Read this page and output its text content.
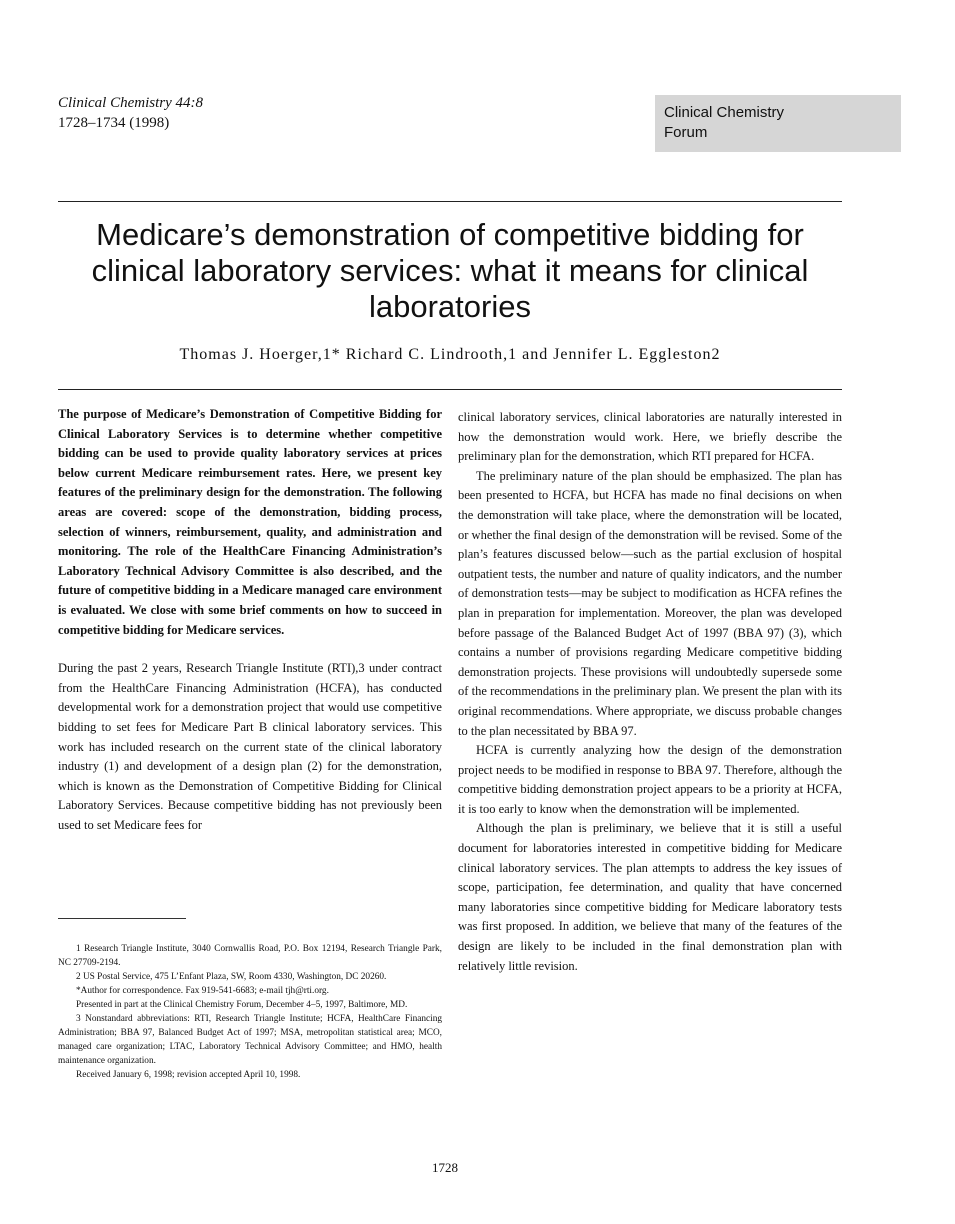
Clinical Chemistry 44:8
1728–1734 (1998)
Clinical Chemistry
Forum
Medicare’s demonstration of competitive bidding for clinical laboratory services: what it means for clinical laboratories
Thomas J. Hoerger,1* Richard C. Lindrooth,1 and Jennifer L. Eggleston2

The purpose of Medicare’s Demonstration of Competitive Bidding for Clinical Laboratory Services is to determine whether competitive bidding can be used to provide quality laboratory services at prices below current Medicare reimbursement rates. Here, we present key features of the preliminary design for the demonstration. The following areas are covered: scope of the demonstration, bidding process, selection of winners, reimbursement, quality, and administration and monitoring. The role of the HealthCare Financing Administration’s Laboratory Technical Advisory Committee is also described, and the future of competitive bidding in a Medicare managed care environment is evaluated. We close with some brief comments on how to succeed in competitive bidding for Medicare services.

During the past 2 years, Research Triangle Institute (RTI),3 under contract from the HealthCare Financing Administration (HCFA), has conducted developmental work for a demonstration project that would use competitive bidding to set fees for Medicare Part B clinical laboratory services. This work has included research on the current state of the clinical laboratory industry (1) and development of a design plan (2) for the demonstration, which is known as the Demonstration of Competitive Bidding for Clinical Laboratory Services. Because competitive bidding has not previously been used to set Medicare fees for

1 Research Triangle Institute, 3040 Cornwallis Road, P.O. Box 12194, Research Triangle Park, NC 27709-2194.

2 US Postal Service, 475 L’Enfant Plaza, SW, Room 4330, Washington, DC 20260.

*Author for correspondence. Fax 919-541-6683; e-mail tjh@rti.org.

Presented in part at the Clinical Chemistry Forum, December 4–5, 1997, Baltimore, MD.

3 Nonstandard abbreviations: RTI, Research Triangle Institute; HCFA, HealthCare Financing Administration; BBA 97, Balanced Budget Act of 1997; MSA, metropolitan statistical area; MCO, managed care organization; LTAC, Laboratory Technical Advisory Committee; and HMO, health maintenance organization.

Received January 6, 1998; revision accepted April 10, 1998.

clinical laboratory services, clinical laboratories are naturally interested in how the demonstration would work. Here, we briefly describe the preliminary plan for the demonstration, which RTI prepared for HCFA.

The preliminary nature of the plan should be emphasized. The plan has been presented to HCFA, but HCFA has made no final decisions on when the demonstration will take place, where the demonstration will be located, or whether the final design of the demonstration will be revised. Some of the plan’s features discussed below—such as the partial exclusion of hospital outpatient tests, the number and nature of quality indicators, and the number of demonstration tests—may be subject to modification as HCFA refines the plan in preparation for implementation. Moreover, the plan was developed before passage of the Balanced Budget Act of 1997 (BBA 97) (3), which contains a number of provisions regarding Medicare competitive bidding demonstration projects. These provisions will undoubtedly supersede some of the recommendations in the preliminary plan. We present the plan with its original recommendations. Where appropriate, we discuss probable changes to the plan necessitated by BBA 97.

HCFA is currently analyzing how the design of the demonstration project needs to be modified in response to BBA 97. Therefore, although the competitive bidding demonstration project appears to be a priority at HCFA, it is too early to know when the demonstration will be implemented.

Although the plan is preliminary, we believe that it is still a useful document for laboratories interested in competitive bidding for Medicare clinical laboratory services. The plan attempts to address the key issues of scope, participation, fee determination, and quality that have concerned many laboratories since competitive bidding for Medicare laboratory tests was first proposed. In addition, we believe that many of the features of the design are likely to be included in the final demonstration plan with relatively little revision.

1728
